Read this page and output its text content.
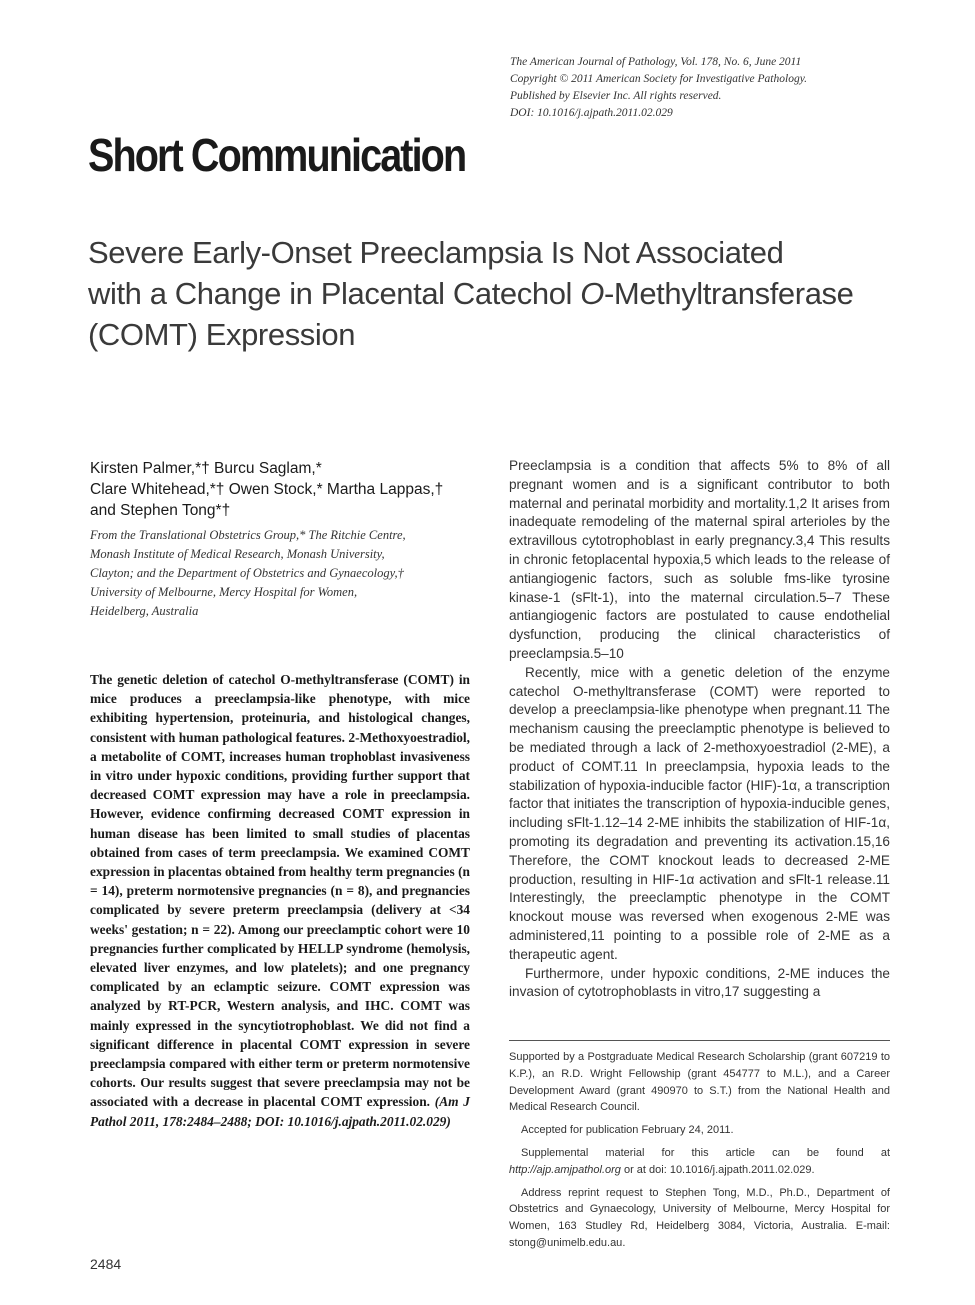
The American Journal of Pathology, Vol. 178, No. 6, June 2011
Copyright © 2011 American Society for Investigative Pathology.
Published by Elsevier Inc. All rights reserved.
DOI: 10.1016/j.ajpath.2011.02.029
Short Communication
Severe Early-Onset Preeclampsia Is Not Associated
with a Change in Placental Catechol O-Methyltransferase
(COMT) Expression
Kirsten Palmer,*† Burcu Saglam,*
Clare Whitehead,*† Owen Stock,* Martha Lappas,†
and Stephen Tong*†
From the Translational Obstetrics Group,* The Ritchie Centre,
Monash Institute of Medical Research, Monash University,
Clayton; and the Department of Obstetrics and Gynaecology,†
University of Melbourne, Mercy Hospital for Women,
Heidelberg, Australia
The genetic deletion of catechol O-methyltransferase (COMT) in mice produces a preeclampsia-like phenotype, with mice exhibiting hypertension, proteinuria, and histological changes, consistent with human pathological features. 2-Methoxyoestradiol, a metabolite of COMT, increases human trophoblast invasiveness in vitro under hypoxic conditions, providing further support that decreased COMT expression may have a role in preeclampsia. However, evidence confirming decreased COMT expression in human disease has been limited to small studies of placentas obtained from cases of term preeclampsia. We examined COMT expression in placentas obtained from healthy term pregnancies (n = 14), preterm normotensive pregnancies (n = 8), and pregnancies complicated by severe preterm preeclampsia (delivery at <34 weeks' gestation; n = 22). Among our preeclamptic cohort were 10 pregnancies further complicated by HELLP syndrome (hemolysis, elevated liver enzymes, and low platelets); and one pregnancy complicated by an eclamptic seizure. COMT expression was analyzed by RT-PCR, Western analysis, and IHC. COMT was mainly expressed in the syncytiotrophoblast. We did not find a significant difference in placental COMT expression in severe preeclampsia compared with either term or preterm normotensive cohorts. Our results suggest that severe preeclampsia may not be associated with a decrease in placental COMT expression. (Am J Pathol 2011, 178:2484–2488; DOI: 10.1016/j.ajpath.2011.02.029)

Preeclampsia is a condition that affects 5% to 8% of all pregnant women and is a significant contributor to both maternal and perinatal morbidity and mortality.1,2 It arises from inadequate remodeling of the maternal spiral arterioles by the extravillous cytotrophoblast in early pregnancy.3,4 This results in chronic fetoplacental hypoxia,5 which leads to the release of antiangiogenic factors, such as soluble fms-like tyrosine kinase-1 (sFlt-1), into the maternal circulation.5–7 These antiangiogenic factors are postulated to cause endothelial dysfunction, producing the clinical characteristics of preeclampsia.5–10

Recently, mice with a genetic deletion of the enzyme catechol O-methyltransferase (COMT) were reported to develop a preeclampsia-like phenotype when pregnant.11 The mechanism causing the preeclamptic phenotype is believed to be mediated through a lack of 2-methoxyoestradiol (2-ME), a product of COMT.11 In preeclampsia, hypoxia leads to the stabilization of hypoxia-inducible factor (HIF)-1α, a transcription factor that initiates the transcription of hypoxia-inducible genes, including sFlt-1.12–14 2-ME inhibits the stabilization of HIF-1α, promoting its degradation and preventing its activation.15,16 Therefore, the COMT knockout leads to decreased 2-ME production, resulting in HIF-1α activation and sFlt-1 release.11 Interestingly, the preeclamptic phenotype in the COMT knockout mouse was reversed when exogenous 2-ME was administered,11 pointing to a possible role of 2-ME as a therapeutic agent.

Furthermore, under hypoxic conditions, 2-ME induces the invasion of cytotrophoblasts in vitro,17 suggesting a

Supported by a Postgraduate Medical Research Scholarship (grant 607219 to K.P.), an R.D. Wright Fellowship (grant 454777 to M.L.), and a Career Development Award (grant 490970 to S.T.) from the National Health and Medical Research Council.

Accepted for publication February 24, 2011.

Supplemental material for this article can be found at http://ajp.amjpathol.org or at doi: 10.1016/j.ajpath.2011.02.029.

Address reprint request to Stephen Tong, M.D., Ph.D., Department of Obstetrics and Gynaecology, University of Melbourne, Mercy Hospital for Women, 163 Studley Rd, Heidelberg 3084, Victoria, Australia. E-mail: stong@unimelb.edu.au.

2484
